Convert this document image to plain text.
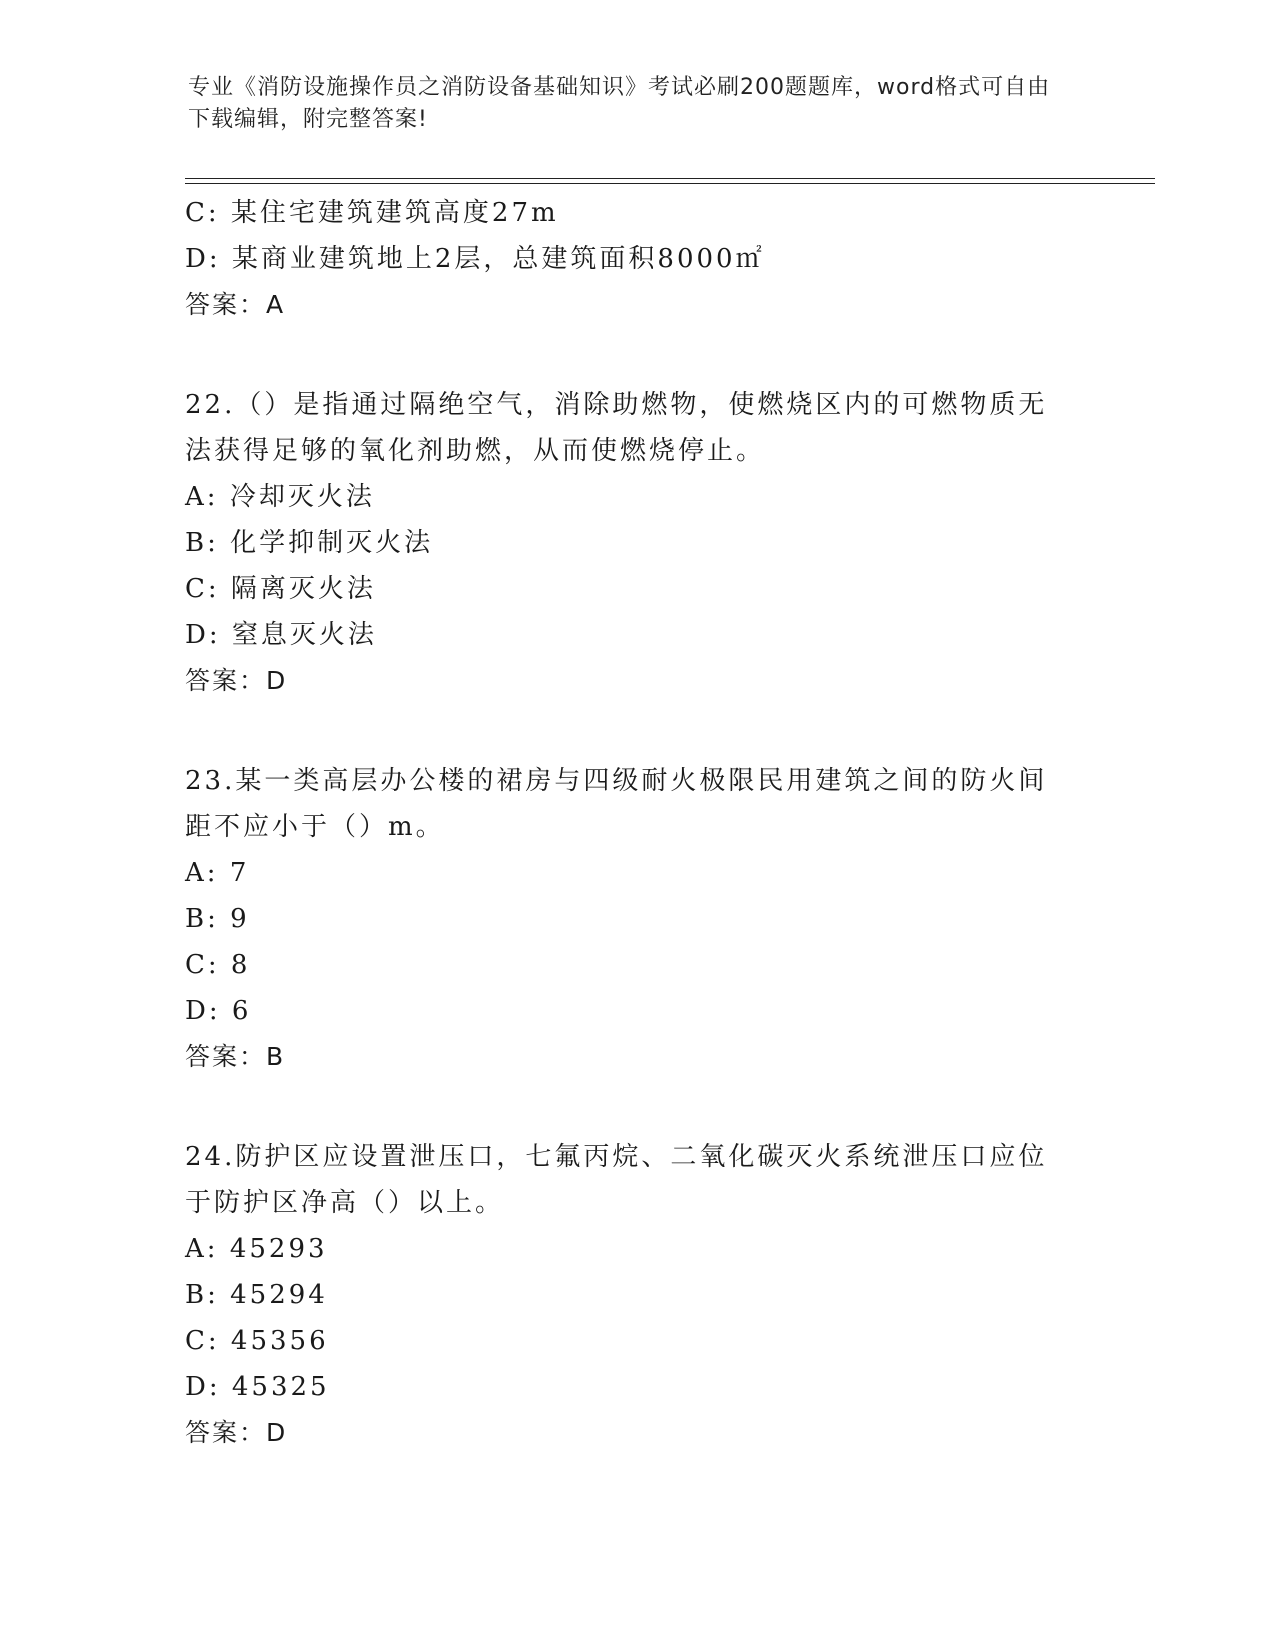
专业《消防设施操作员之消防设备基础知识》考试必刷200题题库，word格式可自由下载编辑，附完整答案!
C: 某住宅建筑建筑高度27m
D: 某商业建筑地上2层，总建筑面积8000㎡
答案：A
22.（）是指通过隔绝空气，消除助燃物，使燃烧区内的可燃物质无法获得足够的氧化剂助燃，从而使燃烧停止。
A: 冷却灭火法
B: 化学抑制灭火法
C: 隔离灭火法
D: 窒息灭火法
答案：D
23.某一类高层办公楼的裙房与四级耐火极限民用建筑之间的防火间距不应小于（）m。
A: 7
B: 9
C: 8
D: 6
答案：B
24.防护区应设置泄压口，七氟丙烷、二氧化碳灭火系统泄压口应位于防护区净高（）以上。
A: 45293
B: 45294
C: 45356
D: 45325
答案：D
